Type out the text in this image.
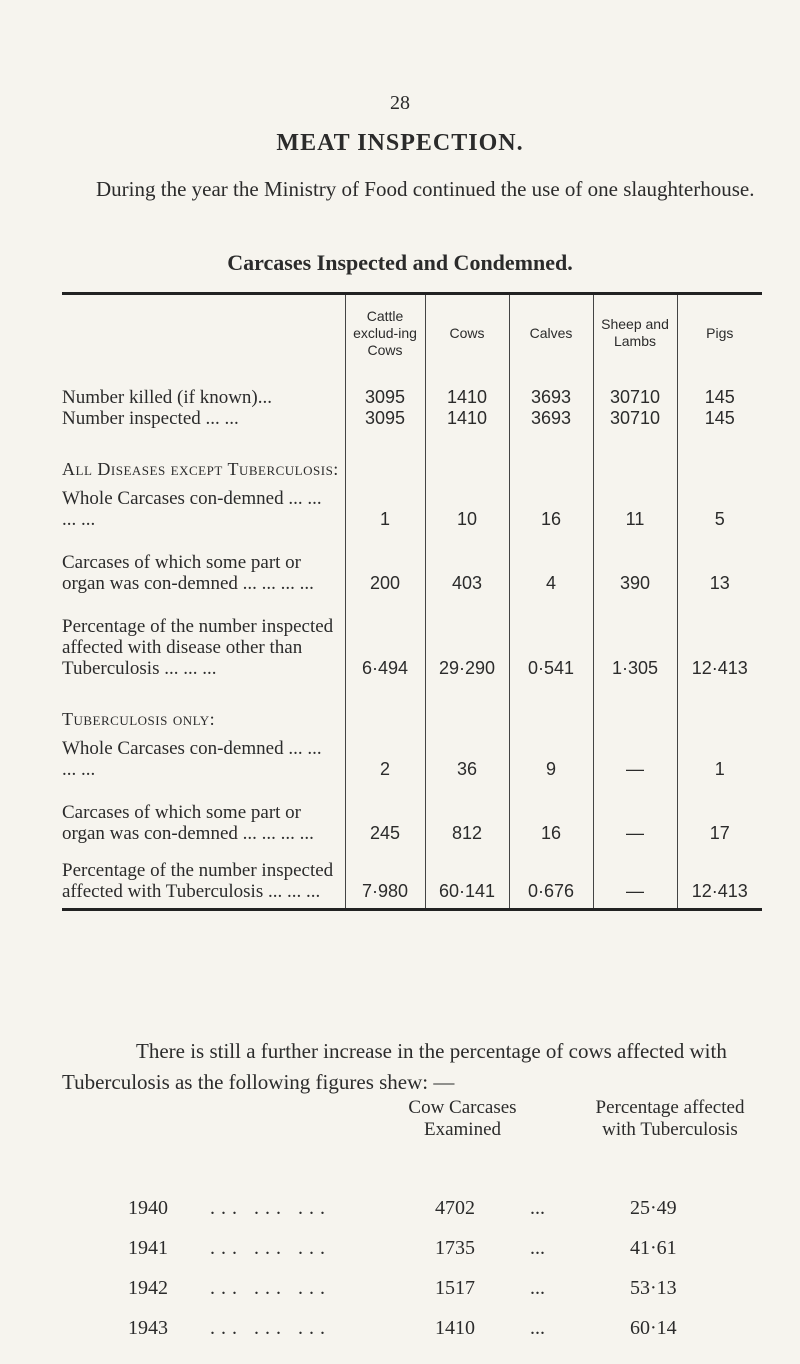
28
MEAT INSPECTION.
During the year the Ministry of Food continued the use of one slaughterhouse.
Carcases Inspected and Condemned.
	Cattle exclud-ing Cows	Cows	Calves	Sheep and Lambs	Pigs
Number killed (if known)...	3095	1410	3693	30710	145
Number inspected ... ...	3095	1410	3693	30710	145
All Diseases except Tuberculosis:					
Whole Carcases con-demned ... ... ... ...	1	10	16	11	5
Carcases of which some part or organ was con-demned ... ... ... ...	200	403	4	390	13
Percentage of the number inspected affected with disease other than Tuberculosis ... ... ...	6·494	29·290	0·541	1·305	12·413
Tuberculosis only:					
Whole Carcases con-demned ... ... ... ...	2	36	9	—	1
Carcases of which some part or organ was con-demned ... ... ... ...	245	812	16	—	17
Percentage of the number inspected affected with Tuberculosis ... ... ...	7·980	60·141	0·676	—	12·413
There is still a further increase in the percentage of cows affected with Tuberculosis as the following figures shew: —
Cow Carcases Examined
Percentage affected with Tuberculosis
1940 ... ... ...	4702	...	25·49
1941 ... ... ...	1735	...	41·61
1942 ... ... ...	1517	...	53·13
1943 ... ... ...	1410	...	60·14
